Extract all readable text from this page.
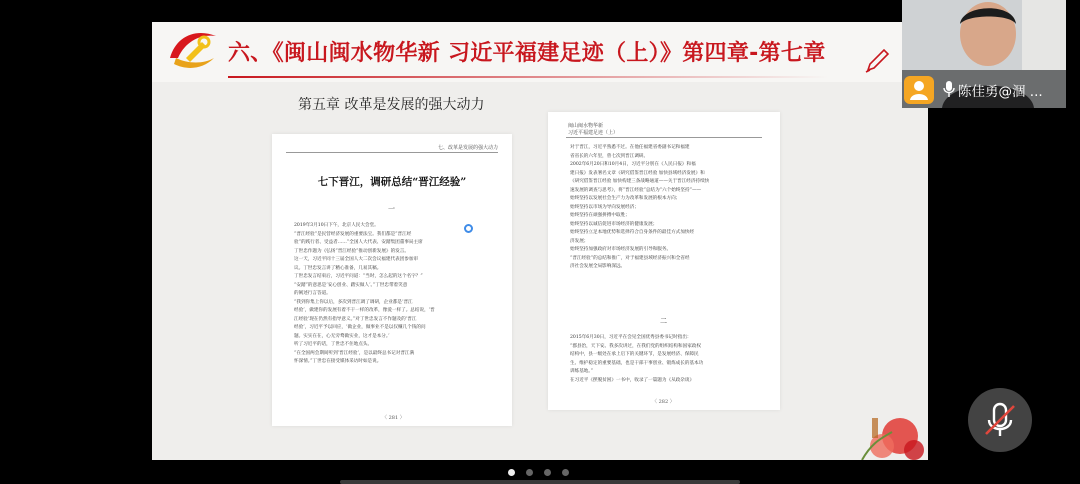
六、《闽山闽水物华新 习近平福建足迹（上）》第四章-第七章
第五章 改革是发展的强大动力
七、改革是发展的强大动力
七下晋江，调研总结“晋江经验”
一

2019年3月10日下午，北京人民大会堂。

“晋江经验”是民营经济发展的重要法宝。我们都是“晋江经

验”的践行者、受益者……”全国人大代表、安踏集团董事局主席

丁世忠作题为《弘扬“晋江经验”推动创新发展》的发言。

这一天，习近平同十三届全国人大二次会议福建代表团参加审

议。丁世忠发言讲了精心准备，几易其稿。

丁世忠发言结束后，习近平问道：“当时，怎么起的这个名字？”

“安踏”的意思是‘安心创业、踏实做人’。”丁世忠带着笑意

的阐述行言答道。

“我到你集上你以后，多次到晋江调了调研，企业都是‘晋江

经验’，做建你的发展有着不干一样的改革，像爱一样了。总结说，‘晋

江经验’现在仍然有指导意义。”对丁世忠发言不作题及的‘晋江

经验’，习近平予以回应，‘做企业，做事业不是以仅赚几个钱的问

题。实实在在，心无旁骛做实业，这才是本分。’

听了习近平的话，丁世忠不住地点头。

“在全国两会期间听到‘晋江经验’，是以最终总书记对晋江满

怀深情。”丁世忠在接受媒体采访时如是说。

〈 281 〉
闽山闽水物华新
习近平福建足迹（上）

对于晋江，习近平熟悉不过。在他任福建省委副书记和福建

省省长的六年里，曾七次到晋江调研。

2002年6月20日和10月4日，习近平分别在《人民日报》和福

建日报》发表署名文章《研究借鉴晋江经验 加快县域经济发展》和

《研究借鉴晋江经验 加快构建三条战略通道——关于晋江经济持续快

速发展的调查与思考》，将“晋江经验”总结为“六个始终坚持”——

始终坚持以发展社会生产力为改革和发展的根本方向；

始终坚持以市场为导向发展经济；

始终坚持在顽强拼搏中取胜；

始终坚持以诚信促进市场经济的健康发展；

始终坚持立足本地优势和选择符合自身条件的最佳方式加快经

济发展；

始终坚持加强政府对市场经济发展的引导和服务。

“晋江经验”的总结和推广，对于福建县域经济振兴和全省经

济社会发展全局影响深远。

二

2015年6月30日，习近平在会见全国优秀县委书记时指出：

“郡县治，天下安。我多次讲过，在我们党的组织结构和国家政权

结构中，县一级处在承上启下的关键环节，是发展经济、保障民

生、维护稳定的重要基础，也是干部干事创业、锻炼成长的基本功

训练基地。”

在习近平《摆脱贫困》一书中，收录了一篇题为《从政杂谈》

〈 282 〉
陈佳勇@涸 ...
